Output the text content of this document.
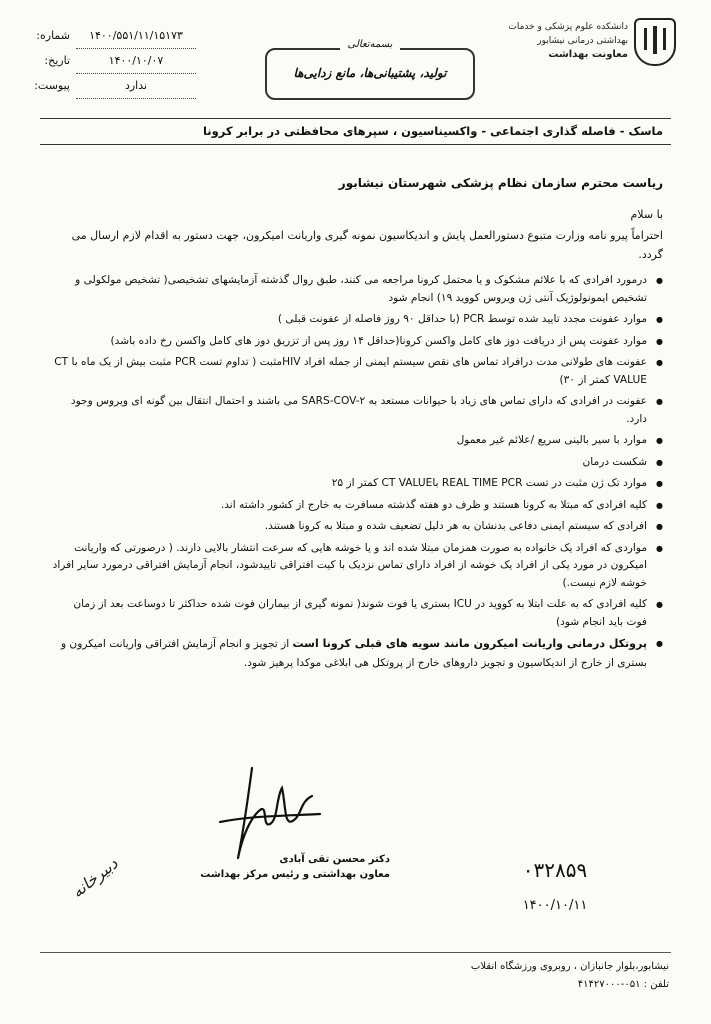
دانشکده علوم پزشکی و خدمات بهداشتی درمانی نیشابور
معاونت بهداشت
بسمه‌تعالی
تولید، پشتیبانی‌ها، مانع زدایی‌ها
۱۴۰۰/۵۵۱/۱۱/۱۵۱۷۳
شماره:
۱۴۰۰/۱۰/۰۷
تاریخ:
ندارد
پیوست:
ماسک - فاصله گذاری اجتماعی - واکسیناسیون ، سپرهای محافظتی در برابر کرونا
ریاست محترم سازمان نظام پزشکی شهرستان نیشابور
با سلام
احتراماً پیرو نامه وزارت متبوع دستورالعمل پایش و اندیکاسیون نمونه گیری واریانت امیکرون، جهت دستور به اقدام لازم ارسال می گردد.
● درمورد افرادی که با علائم مشکوک و یا محتمل کرونا مراجعه می کنند، طبق روال گذشته آزمایشهای تشخیصی( تشخیص مولکولی و تشخیص ایمونولوژیک آنتی ژن ویروس کووید ۱۹) انجام شود
● موارد عفونت مجدد تایید شده توسط PCR (با حداقل ۹۰ روز فاصله از عفونت قبلی )
● موارد عفونت پس از دریافت دوز های کامل واکسن کرونا(حداقل ۱۴ روز پس از تزریق دوز های کامل واکسن رخ داده باشد)
● عفونت های طولانی مدت درافراد تماس های نقص سیستم ایمنی از جمله افراد HIVمثبت ( تداوم تست PCR مثبت بیش از یک ماه با CT VALUE کمتر از ۳۰)
● عفونت در افرادی که دارای تماس های زیاد با حیوانات مستعد به SARS-COV-۲ می باشند و احتمال انتقال بین گونه ای ویروس وجود دارد.
● موارد با سیر بالینی سریع /علائم غیر معمول
● شکست درمان
● موارد تک ژن مثبت در تست REAL TIME PCR باCT VALUE کمتر از ۲۵
● کلیه افرادی که مبتلا به کرونا هستند و ظرف دو هفته گذشته مسافرت به خارج از کشور داشته اند.
● افرادی که سیستم ایمنی دفاعی بدنشان به هر دلیل تضعیف شده و مبتلا به کرونا هستند.
● مواردی که افراد یک خانواده به صورت همزمان مبتلا شده اند و یا خوشه هایی که سرعت انتشار بالایی دارند. ( درصورتی که واریانت امیکرون در مورد یکی از افراد یک خوشه از افراد دارای تماس نزدیک با کیت افتراقی تاییدشود، انجام آزمایش افتراقی درمورد سایر افراد خوشه لازم نیست.)
● کلیه افرادی که به علت ابتلا به کووید در ICU بستری یا فوت شوند( نمونه گیری از بیماران فوت شده حداکثر تا دوساعت بعد از زمان فوت باید انجام شود)
● پروتکل درمانی واریانت امیکرون مانند سویه های قبلی کرونا است از تجویز و انجام آزمایش افتراقی واریانت امیکرون و بستری از خارج از اندیکاسیون و تجویز داروهای خارج از پروتکل هی ابلاغی موکدا پرهیز شود.
دکتر محسن تقی آبادی
معاون بهداشتی و رئیس مرکز بهداشت
دبیرخانه	۰۳۲۸۵۹
۱۴۰۰/۱۰/۱۱
نیشابور،بلوار جانبازان ، روبروی ورزشگاه انقلاب
تلفن : ۰۵۱-۴۱۴۲۷۰۰۰
